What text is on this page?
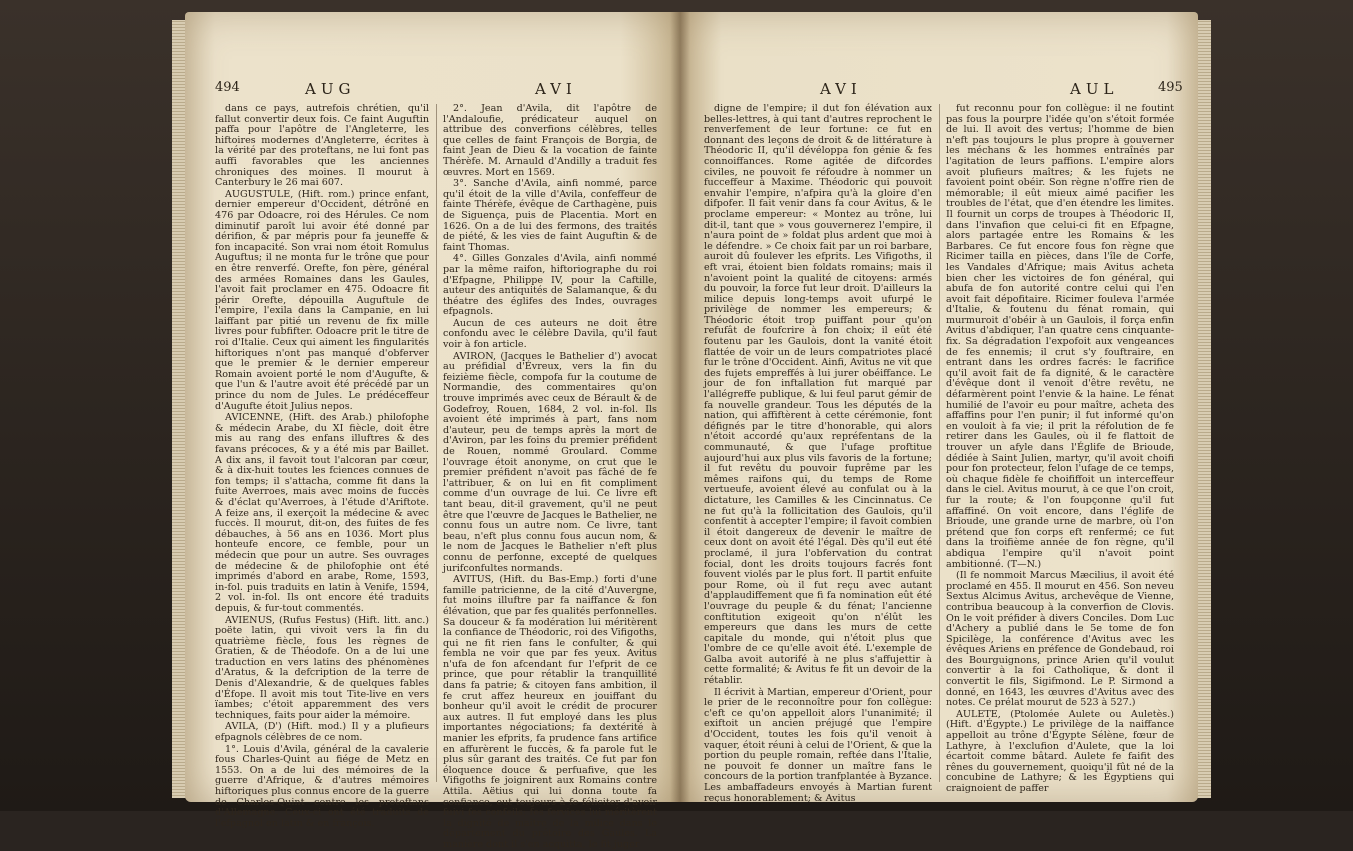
494	AUG	AVI

dans ce pays, autrefois chrétien, qu'il fallut convertir deux fois. Ce faint Auguftin paffa pour l'apôtre de l'Angleterre, les hiftoires modernes d'Angleterre, écrites à la vérité par des proteftans, ne lui font pas auffi favorables que les anciennes chroniques des moines. Il mourut à Canterbury le 26 mai 607.

AUGUSTULE, (Hift. rom.) prince enfant, dernier empereur d'Occident, détrôné en 476 par Odoacre, roi des Hérules. Ce nom diminutif paroît lui avoir été donné par dérifion, & par mépris pour fa jeuneffe & fon incapacité. Son vrai nom étoit Romulus Auguftus; il ne monta fur le trône que pour en être renverfé. Orefte, fon père, général des armées Romaines dans les Gaules, l'avoit fait proclamer en 475. Odoacre fit périr Orefte, dépouilla Auguftule de l'empire, l'exila dans la Campanie, en lui laiffant par pitié un revenu de fix mille livres pour fubfifter. Odoacre prit le titre de roi d'Italie. Ceux qui aiment les fingularités hiftoriques n'ont pas manqué d'obferver que le premier & le dernier empereur Romain avoient porté le nom d'Augufte, & que l'un & l'autre avoit été précédé par un prince du nom de Jules. Le prédéceffeur d'Augufte étoit Julius nepos.

AVICENNE, (Hift. des Arab.) philofophe & médecin Arabe, du XI fiècle, doit être mis au rang des enfans illuftres & des favans précoces, & y a été mis par Baillet. A dix ans, il favoit tout l'alcoran par cœur, & à dix-huit toutes les fciences connues de fon temps; il s'attacha, comme fit dans la fuite Averroes, mais avec moins de fuccès & d'éclat qu'Averroes, à l'étude d'Ariftote. A feize ans, il exerçoit la médecine & avec fuccès. Il mourut, dit-on, des fuites de fes débauches, à 56 ans en 1036. Mort plus honteufe encore, ce femble, pour un médecin que pour un autre. Ses ouvrages de médecine & de philofophie ont été imprimés d'abord en arabe, Rome, 1593, in-fol. puis traduits en latin à Venife, 1594, 2 vol. in-fol. Ils ont encore été traduits depuis, & fur-tout commentés.

AVIENUS, (Rufus Festus) (Hift. litt. anc.) poëte latin, qui vivoit vers la fin du quatrième fiècle, fous les règnes de Gratien, & de Théodofe. On a de lui une traduction en vers latins des phénomènes d'Aratus, & la defcription de la terre de Denis d'Alexandrie, & de quelques fables d'Éfope. Il avoit mis tout Tite-live en vers ïambes; c'étoit apparemment des vers techniques, faits pour aider la mémoire.

AVILA, (D') (Hift. mod.) Il y a plufieurs efpagnols célèbres de ce nom.

1°. Louis d'Avila, général de la cavalerie fous Charles-Quint au fiége de Metz en 1553. On a de lui des mémoires de la guerre d'Afrique, & d'autres mémoires hiftoriques plus connus encore de la guerre de Charles-Quint contre les proteftans d'Allemagne. Ceux-ci ont été traduits de l'efpagnol en latin & en françois.

2°. Jean d'Avila, dit l'apôtre de l'Andaloufie, prédicateur auquel on attribue des converfions célèbres, telles que celles de faint François de Borgia, de faint Jean de Dieu & la vocation de fainte Thérèfe. M. Arnauld d'Andilly a traduit fes œuvres. Mort en 1569.

3°. Sanche d'Avila, ainfi nommé, parce qu'il étoit de la ville d'Avila, confeffeur de fainte Thérèfe, évêque de Carthagène, puis de Siguença, puis de Placentia. Mort en 1626. On a de lui des fermons, des traités de piété, & les vies de faint Auguftin & de faint Thomas.

4°. Gilles Gonzales d'Avila, ainfi nommé par la même raifon, hiftoriographe du roi d'Efpagne, Philippe IV, pour la Caftille, auteur des antiquités de Salamanque, & du théatre des églifes des Indes, ouvrages efpagnols.

Aucun de ces auteurs ne doit être confondu avec le célèbre Davila, qu'il faut voir à fon article.

AVIRON, (Jacques le Bathelier d') avocat au préfidial d'Évreux, vers la fin du feizième fiècle, compofa fur la coutume de Normandie, des commentaires qu'on trouve imprimés avec ceux de Bérault & de Godefroy, Rouen, 1684, 2 vol. in-fol. Ils avoient été imprimés à part, fans nom d'auteur, peu de temps après la mort de d'Aviron, par les foins du premier préfident de Rouen, nommé Groulard. Comme l'ouvrage étoit anonyme, on crut que le premier préfident n'avoit pas fâché de fe l'attribuer, & on lui en fit compliment comme d'un ouvrage de lui. Ce livre eft tant beau, dit-il gravement, qu'il ne peut être que l'œuvre de Jacques le Bathelier, ne connu fous un autre nom. Ce livre, tant beau, n'eft plus connu fous aucun nom, & le nom de Jacques le Bathelier n'eft plus connu de perfonne, excepté de quelques jurifconfultes normands.

AVITUS, (Hift. du Bas-Emp.) forti d'une famille patricienne, de la cité d'Auvergne, fut moins illuftre par fa naiffance & fon élévation, que par fes qualités perfonnelles. Sa douceur & fa modération lui méritèrent la confiance de Théodoric, roi des Vifigoths, qui ne fit rien fans le confulter, & qui fembla ne voir que par fes yeux. Avitus n'ufa de fon afcendant fur l'efprit de ce prince, que pour rétablir la tranquillité dans fa patrie; & citoyen fans ambition, il fe crut affez heureux en jouiffant du bonheur qu'il avoit le crédit de procurer aux autres. Il fut employé dans les plus importantes négociations; fa dextérité à manier les efprits, fa prudence fans artifice en affurèrent le fuccès, & fa parole fut le plus sûr garant des traités. Ce fut par fon éloquence douce & perfuafive, que les Vifigoths fe joignirent aux Romains contre Attila. Aëtius qui lui donna toute fa confiance, eut toujours à fe féliciter d'avoir fuivi fes confeils: fes fervices lui méritèrent la dignité de maître de la milice dans le département du prétoire des Gaules. La manière dont il s'en acquitta, le fit juger

AVI	AUL	495

digne de l'empire; il dut fon élévation aux belles-lettres, à qui tant d'autres reprochent le renverfement de leur fortune: ce fut en donnant des leçons de droit & de littérature à Théodoric II, qu'il dévéloppa fon génie & fes connoiffances. Rome agitée de difcordes civiles, ne pouvoit fe réfoudre à nommer un fucceffeur à Maxime. Théodoric qui pouvoit envahir l'empire, n'afpira qu'à la gloire d'en difpofer. Il fait venir dans fa cour Avitus, & le proclame empereur: « Montez au trône, lui dit-il, tant que » vous gouvernerez l'empire, il n'aura point de » foldat plus ardent que moi à le défendre. » Ce choix fait par un roi barbare, auroit dû foulever les efprits. Les Vifigoths, il eft vrai, étoient bien foldats romains; mais il n'avoient point la qualité de citoyens: armés du pouvoir, la force fut leur droit. D'ailleurs la milice depuis long-temps avoit ufurpé le privilège de nommer les empereurs; & Théodoric étoit trop puiffant pour qu'on refufât de foufcrire à fon choix; il eût été foutenu par les Gaulois, dont la vanité étoit flattée de voir un de leurs compatriotes placé fur le trône d'Occident. Ainfi, Avitus ne vit que des fujets empreffés à lui jurer obéiffance. Le jour de fon inftallation fut marqué par l'allégreffe publique, & lui feul parut gémir de fa nouvelle grandeur. Tous les députés de la nation, qui affiftèrent à cette cérémonie, font défignés par le titre d'honorable, qui alors n'étoit accordé qu'aux repréfentans de la communauté, & que l'ufage proftitue aujourd'hui aux plus vils favoris de la fortune; il fut revêtu du pouvoir fuprême par les mêmes raifons qui, du temps de Rome vertueufe, avoient élevé au confulat ou à la dictature, les Camilles & les Cincinnatus. Ce ne fut qu'à la follicitation des Gaulois, qu'il confentit à accepter l'empire; il favoit combien il étoit dangereux de devenir le maître de ceux dont on avoit été l'égal. Dès qu'il eut été proclamé, il jura l'obfervation du contrat focial, dont les droits toujours facrés font fouvent violés par le plus fort. Il partit enfuite pour Rome, où il fut reçu avec autant d'applaudiffement que fi fa nomination eût été l'ouvrage du peuple & du fénat; l'ancienne conftitution exigeoit qu'on n'élût les empereurs que dans les murs de cette capitale du monde, qui n'étoit plus que l'ombre de ce qu'elle avoit été. L'exemple de Galba avoit autorifé à ne plus s'affujettir à cette formalité; & Avitus fe fit un devoir de la rétablir.

Il écrivit à Martian, empereur d'Orient, pour le prier de le reconnoître pour fon collègue: c'eft ce qu'on appelloit alors l'unanimité; il exiftoit un ancien préjugé que l'empire d'Occident, toutes les fois qu'il venoit à vaquer, étoit réuni à celui de l'Orient, & que la portion du peuple romain, reftée dans l'Italie, ne pouvoit fe donner un maître fans le concours de la portion tranfplantée à Byzance. Les ambaffadeurs envoyés à Martian furent reçus honorablement; & Avitus

fut reconnu pour fon collègue: il ne foutint pas fous la pourpre l'idée qu'on s'étoit formée de lui. Il avoit des vertus; l'homme de bien n'eft pas toujours le plus propre à gouverner les méchans & les hommes entraînés par l'agitation de leurs paffions. L'empire alors avoit plufieurs maîtres; & les fujets ne favoient point obéir. Son règne n'offre rien de mémorable; il eût mieux aimé pacifier les troubles de l'état, que d'en étendre les limites. Il fournit un corps de troupes à Théodoric II, dans l'invafion que celui-ci fit en Efpagne, alors partagée entre les Romains & les Barbares. Ce fut encore fous fon règne que Ricimer tailla en pièces, dans l'île de Corfe, les Vandales d'Afrique; mais Avitus acheta bien cher les victoires de fon général, qui abufa de fon autorité contre celui qui l'en avoit fait dépofitaire. Ricimer fouleva l'armée d'Italie, & foutenu du fénat romain, qui murmuroit d'obéir à un Gaulois, il força enfin Avitus d'abdiquer, l'an quatre cens cinquante-fix. Sa dégradation l'expofoit aux vengeances de fes ennemis; il crut s'y fouftraire, en entrant dans les ordres facrés: le facrifice qu'il avoit fait de fa dignité, & le caractère d'évêque dont il venoit d'être revêtu, ne défarmèrent point l'envie & la haine. Le fénat humilié de l'avoir eu pour maître, acheta des affaffins pour l'en punir; il fut informé qu'on en vouloit à fa vie; il prit la réfolution de fe retirer dans les Gaules, où il fe flattoit de trouver un afyle dans l'Églife de Brioude, dédiée à Saint Julien, martyr, qu'il avoit choifi pour fon protecteur, felon l'ufage de ce temps, où chaque fidèle fe choififfoit un interceffeur dans le ciel. Avitus mourut, à ce que l'on croit, fur la route; & l'on foupçonne qu'il fut affaffiné. On voit encore, dans l'églife de Brioude, une grande urne de marbre, où l'on prétend que fon corps eft renfermé; ce fut dans la troifième année de fon règne, qu'il abdiqua l'empire qu'il n'avoit point ambitionné. (T—N.)

(Il fe nommoit Marcus Mæcilius, il avoit été proclamé en 455. Il mourut en 456. Son neveu Sextus Alcimus Avitus, archevêque de Vienne, contribua beaucoup à la converfion de Clovis. On le voit préfider à divers Conciles. Dom Luc d'Achery a publié dans le 5e tome de fon Spicilège, la conférence d'Avitus avec les évêques Ariens en préfence de Gondebaud, roi des Bourguignons, prince Arien qu'il voulut convertir à la foi Catholique, & dont il convertit le fils, Sigifmond. Le P. Sirmond a donné, en 1643, les œuvres d'Avitus avec des notes. Ce prélat mourut de 523 à 527.)

AULETE, (Ptolomée Aulete ou Auletès.) (Hift. d'Égypte.) Le privilège de la naiffance appelloit au trône d'Égypte Sélène, fœur de Lathyre, à l'exclufion d'Aulete, que la loi écartoit comme bâtard. Aulete fe faifit des rênes du gouvernement, quoiqu'il fût né de la concubine de Lathyre; & les Égyptiens qui craignoient de paffer
